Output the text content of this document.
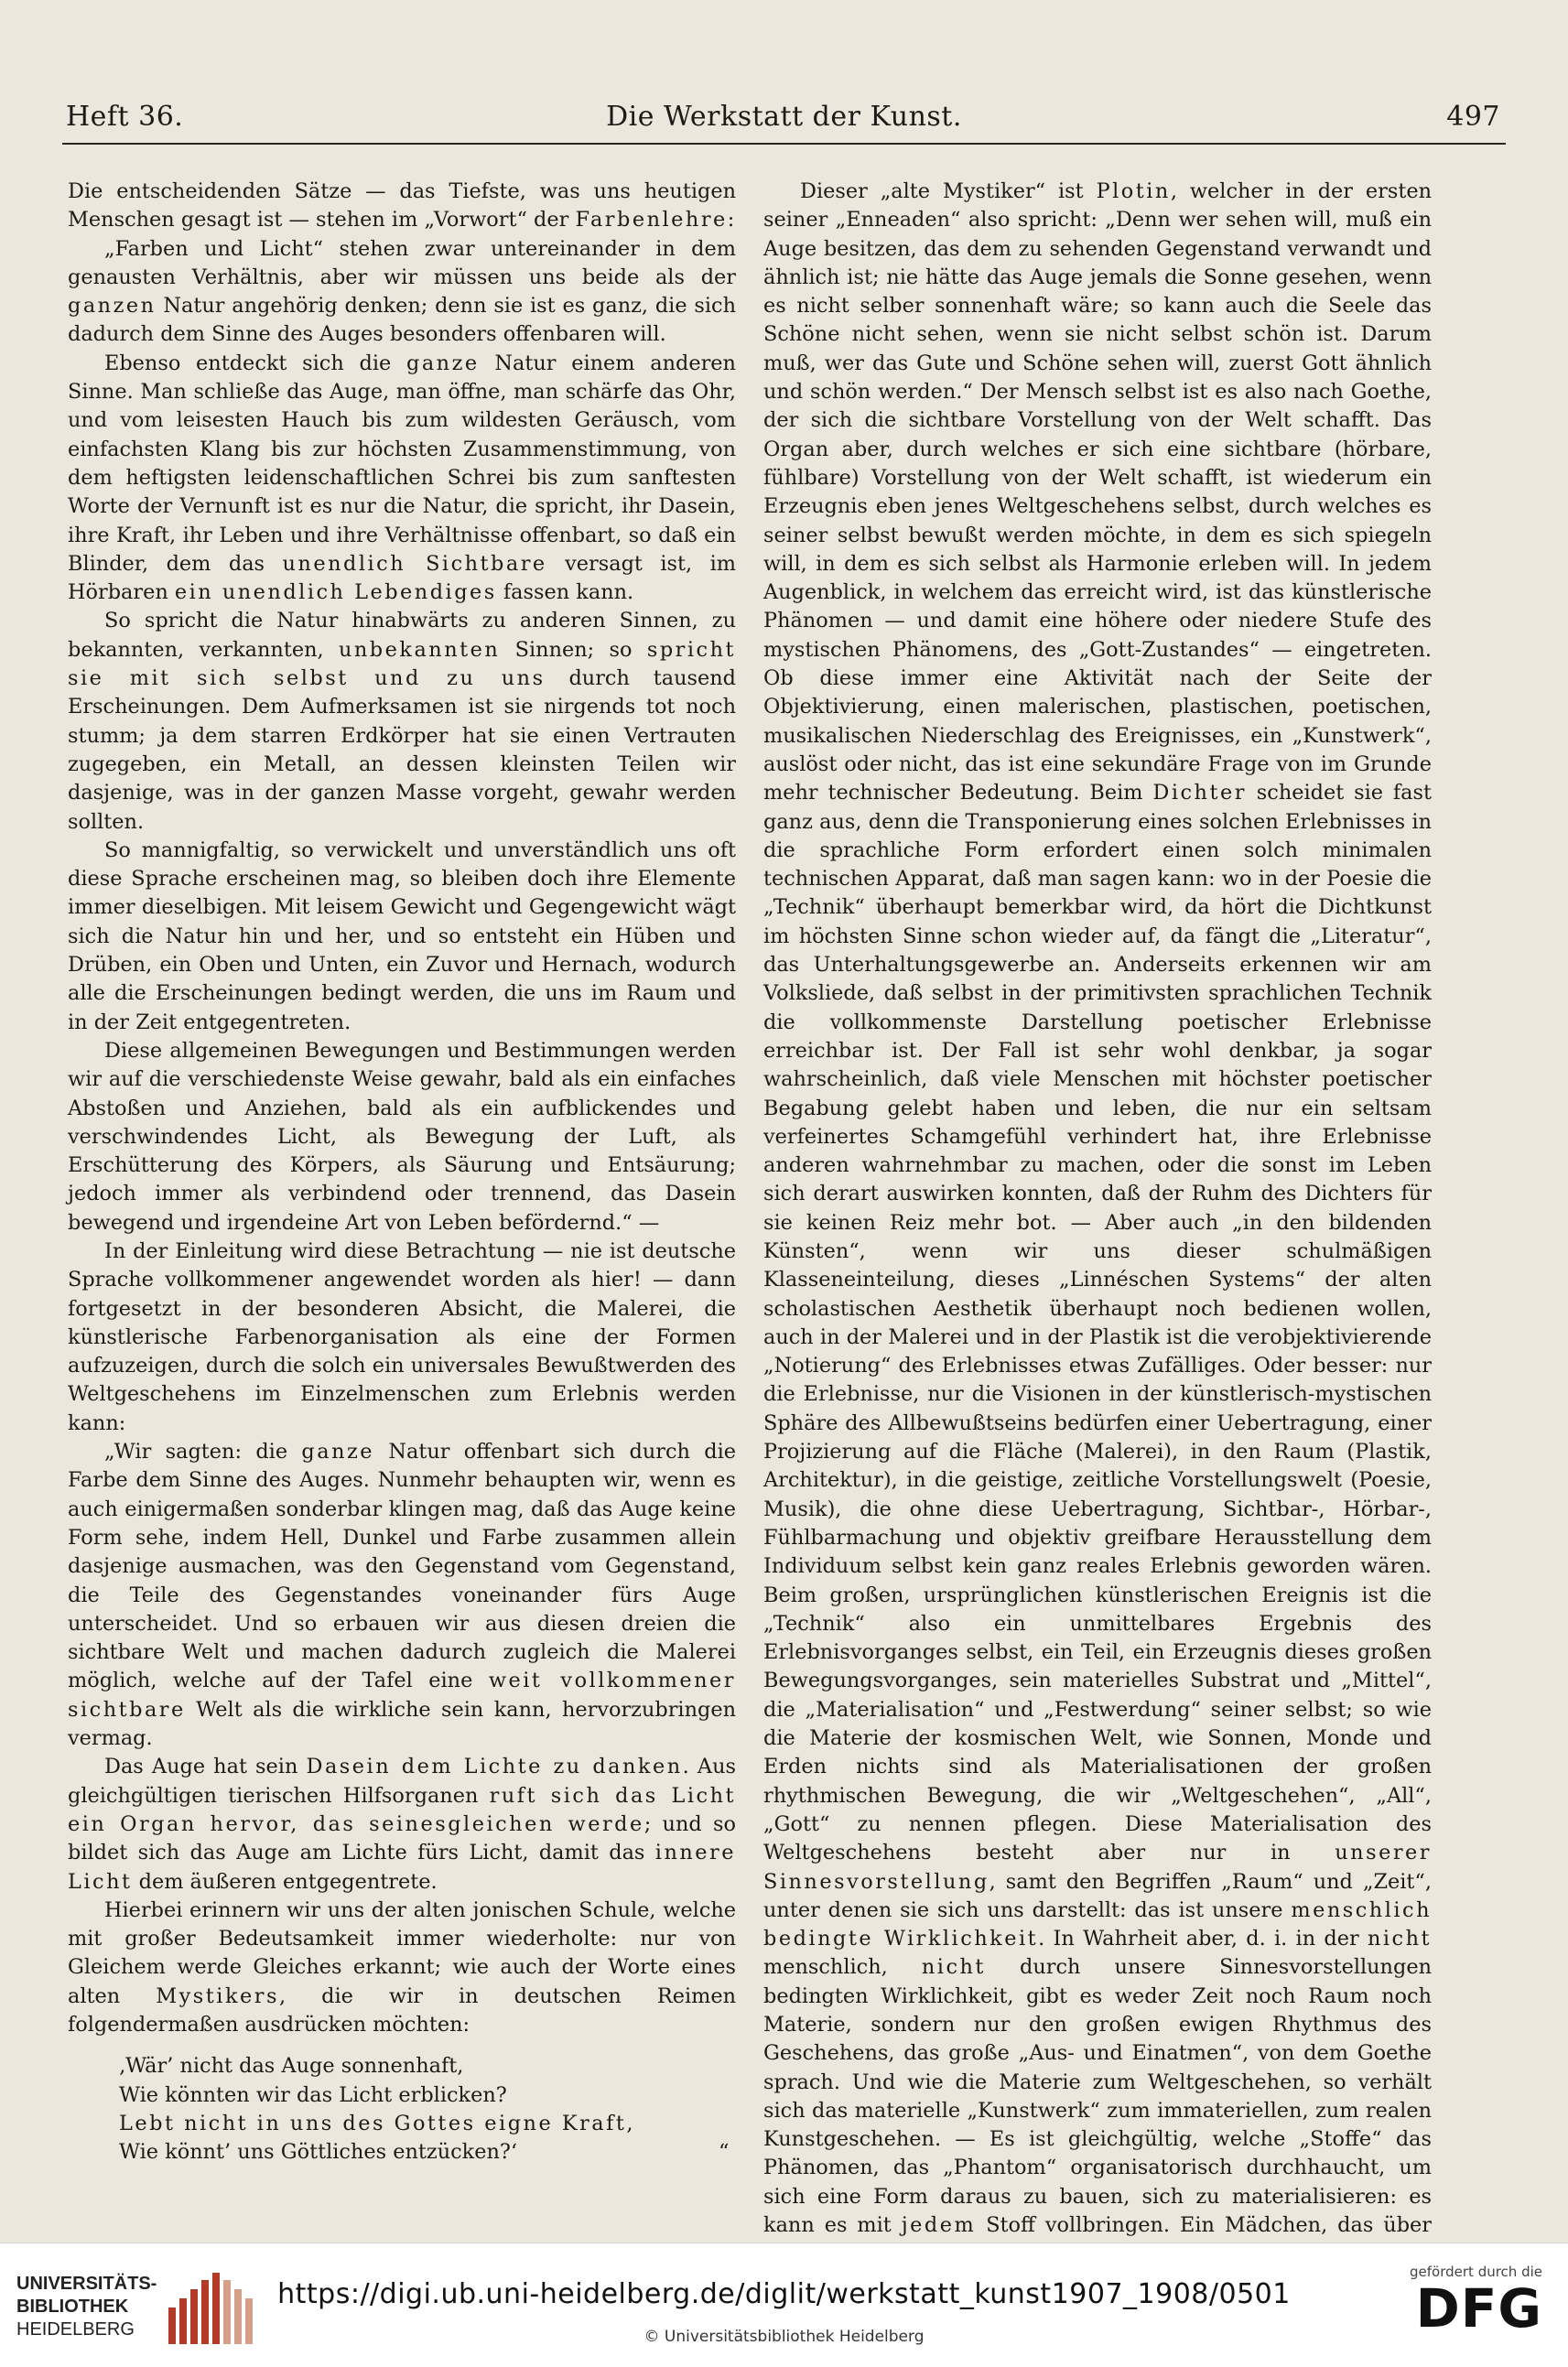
Heft 36.	Die Werkstatt der Kunst.	497

Die entscheidenden Sätze — das Tiefste, was uns heutigen Menschen gesagt ist — stehen im „Vorwort“ der Farbenlehre:

„Farben und Licht“ stehen zwar untereinander in dem genausten Verhältnis, aber wir müssen uns beide als der ganzen Natur angehörig denken; denn sie ist es ganz, die sich dadurch dem Sinne des Auges besonders offenbaren will.

Ebenso entdeckt sich die ganze Natur einem anderen Sinne. Man schließe das Auge, man öffne, man schärfe das Ohr, und vom leisesten Hauch bis zum wildesten Geräusch, vom einfachsten Klang bis zur höchsten Zusammenstimmung, von dem heftigsten leidenschaftlichen Schrei bis zum sanftesten Worte der Vernunft ist es nur die Natur, die spricht, ihr Dasein, ihre Kraft, ihr Leben und ihre Verhältnisse offenbart, so daß ein Blinder, dem das unendlich Sichtbare versagt ist, im Hörbaren ein unendlich Lebendiges fassen kann.

So spricht die Natur hinabwärts zu anderen Sinnen, zu bekannten, verkannten, unbekannten Sinnen; so spricht sie mit sich selbst und zu uns durch tausend Erscheinungen. Dem Aufmerksamen ist sie nirgends tot noch stumm; ja dem starren Erdkörper hat sie einen Vertrauten zugegeben, ein Metall, an dessen kleinsten Teilen wir dasjenige, was in der ganzen Masse vorgeht, gewahr werden sollten.

So mannigfaltig, so verwickelt und unverständlich uns oft diese Sprache erscheinen mag, so bleiben doch ihre Elemente immer dieselbigen. Mit leisem Gewicht und Gegengewicht wägt sich die Natur hin und her, und so entsteht ein Hüben und Drüben, ein Oben und Unten, ein Zuvor und Hernach, wodurch alle die Erscheinungen bedingt werden, die uns im Raum und in der Zeit entgegentreten.

Diese allgemeinen Bewegungen und Bestimmungen werden wir auf die verschiedenste Weise gewahr, bald als ein einfaches Abstoßen und Anziehen, bald als ein aufblickendes und verschwindendes Licht, als Bewegung der Luft, als Erschütterung des Körpers, als Säurung und Entsäurung; jedoch immer als verbindend oder trennend, das Dasein bewegend und irgendeine Art von Leben befördernd.“ —

In der Einleitung wird diese Betrachtung — nie ist deutsche Sprache vollkommener angewendet worden als hier! — dann fortgesetzt in der besonderen Absicht, die Malerei, die künstlerische Farbenorganisation als eine der Formen aufzuzeigen, durch die solch ein universales Bewußtwerden des Weltgeschehens im Einzelmenschen zum Erlebnis werden kann:

„Wir sagten: die ganze Natur offenbart sich durch die Farbe dem Sinne des Auges. Nunmehr behaupten wir, wenn es auch einigermaßen sonderbar klingen mag, daß das Auge keine Form sehe, indem Hell, Dunkel und Farbe zusammen allein dasjenige ausmachen, was den Gegenstand vom Gegenstand, die Teile des Gegenstandes voneinander fürs Auge unterscheidet. Und so erbauen wir aus diesen dreien die sichtbare Welt und machen dadurch zugleich die Malerei möglich, welche auf der Tafel eine weit vollkommener sichtbare Welt als die wirkliche sein kann, hervorzubringen vermag.

Das Auge hat sein Dasein dem Lichte zu danken. Aus gleichgültigen tierischen Hilfsorganen ruft sich das Licht ein Organ hervor, das seinesgleichen werde; und so bildet sich das Auge am Lichte fürs Licht, damit das innere Licht dem äußeren entgegentrete.

Hierbei erinnern wir uns der alten jonischen Schule, welche mit großer Bedeutsamkeit immer wiederholte: nur von Gleichem werde Gleiches erkannt; wie auch der Worte eines alten Mystikers, die wir in deutschen Reimen folgendermaßen ausdrücken möchten:

‚Wär’ nicht das Auge sonnenhaft,
Wie könnten wir das Licht erblicken?
Lebt nicht in uns des Gottes eigne Kraft,
Wie könnt’ uns Göttliches entzücken?‘	“

Dieser „alte Mystiker“ ist Plotin, welcher in der ersten seiner „Enneaden“ also spricht: „Denn wer sehen will, muß ein Auge besitzen, das dem zu sehenden Gegenstand verwandt und ähnlich ist; nie hätte das Auge jemals die Sonne gesehen, wenn es nicht selber sonnenhaft wäre; so kann auch die Seele das Schöne nicht sehen, wenn sie nicht selbst schön ist. Darum muß, wer das Gute und Schöne sehen will, zuerst Gott ähnlich und schön werden.“ Der Mensch selbst ist es also nach Goethe, der sich die sichtbare Vorstellung von der Welt schafft. Das Organ aber, durch welches er sich eine sichtbare (hörbare, fühlbare) Vorstellung von der Welt schafft, ist wiederum ein Erzeugnis eben jenes Weltgeschehens selbst, durch welches es seiner selbst bewußt werden möchte, in dem es sich spiegeln will, in dem es sich selbst als Harmonie erleben will. In jedem Augenblick, in welchem das erreicht wird, ist das künstlerische Phänomen — und damit eine höhere oder niedere Stufe des mystischen Phänomens, des „Gott-Zustandes“ — eingetreten. Ob diese immer eine Aktivität nach der Seite der Objektivierung, einen malerischen, plastischen, poetischen, musikalischen Niederschlag des Ereignisses, ein „Kunstwerk“, auslöst oder nicht, das ist eine sekundäre Frage von im Grunde mehr technischer Bedeutung. Beim Dichter scheidet sie fast ganz aus, denn die Transponierung eines solchen Erlebnisses in die sprachliche Form erfordert einen solch minimalen technischen Apparat, daß man sagen kann: wo in der Poesie die „Technik“ überhaupt bemerkbar wird, da hört die Dichtkunst im höchsten Sinne schon wieder auf, da fängt die „Literatur“, das Unterhaltungsgewerbe an. Anderseits erkennen wir am Volksliede, daß selbst in der primitivsten sprachlichen Technik die vollkommenste Darstellung poetischer Erlebnisse erreichbar ist. Der Fall ist sehr wohl denkbar, ja sogar wahrscheinlich, daß viele Menschen mit höchster poetischer Begabung gelebt haben und leben, die nur ein seltsam verfeinertes Schamgefühl verhindert hat, ihre Erlebnisse anderen wahrnehmbar zu machen, oder die sonst im Leben sich derart auswirken konnten, daß der Ruhm des Dichters für sie keinen Reiz mehr bot. — Aber auch „in den bildenden Künsten“, wenn wir uns dieser schulmäßigen Klasseneinteilung, dieses „Linnéschen Systems“ der alten scholastischen Aesthetik überhaupt noch bedienen wollen, auch in der Malerei und in der Plastik ist die verobjektivierende „Notierung“ des Erlebnisses etwas Zufälliges. Oder besser: nur die Erlebnisse, nur die Visionen in der künstlerisch-mystischen Sphäre des Allbewußtseins bedürfen einer Uebertragung, einer Projizierung auf die Fläche (Malerei), in den Raum (Plastik, Architektur), in die geistige, zeitliche Vorstellungswelt (Poesie, Musik), die ohne diese Uebertragung, Sichtbar-, Hörbar-, Fühlbarmachung und objektiv greifbare Herausstellung dem Individuum selbst kein ganz reales Erlebnis geworden wären. Beim großen, ursprünglichen künstlerischen Ereignis ist die „Technik“ also ein unmittelbares Ergebnis des Erlebnisvorganges selbst, ein Teil, ein Erzeugnis dieses großen Bewegungsvorganges, sein materielles Substrat und „Mittel“, die „Materialisation“ und „Festwerdung“ seiner selbst; so wie die Materie der kosmischen Welt, wie Sonnen, Monde und Erden nichts sind als Materialisationen der großen rhythmischen Bewegung, die wir „Weltgeschehen“, „All“, „Gott“ zu nennen pflegen. Diese Materialisation des Weltgeschehens besteht aber nur in unserer Sinnesvorstellung, samt den Begriffen „Raum“ und „Zeit“, unter denen sie sich uns darstellt: das ist unsere menschlich bedingte Wirklichkeit. In Wahrheit aber, d. i. in der nicht menschlich, nicht durch unsere Sinnesvorstellungen bedingten Wirklichkeit, gibt es weder Zeit noch Raum noch Materie, sondern nur den großen ewigen Rhythmus des Geschehens, das große „Aus- und Einatmen“, von dem Goethe sprach. Und wie die Materie zum Weltgeschehen, so verhält sich das materielle „Kunstwerk“ zum immateriellen, zum realen Kunstgeschehen. — Es ist gleichgültig, welche „Stoffe“ das Phänomen, das „Phantom“ organisatorisch durchhaucht, um sich eine Form daraus zu bauen, sich zu materialisieren: es kann es mit jedem Stoff vollbringen. Ein Mädchen, das über

UNIVERSITÄTS-
BIBLIOTHEK
HEIDELBERG
https://digi.ub.uni-heidelberg.de/diglit/werkstatt_kunst1907_1908/0501
© Universitätsbibliothek Heidelberg
gefördert durch die
DFG
